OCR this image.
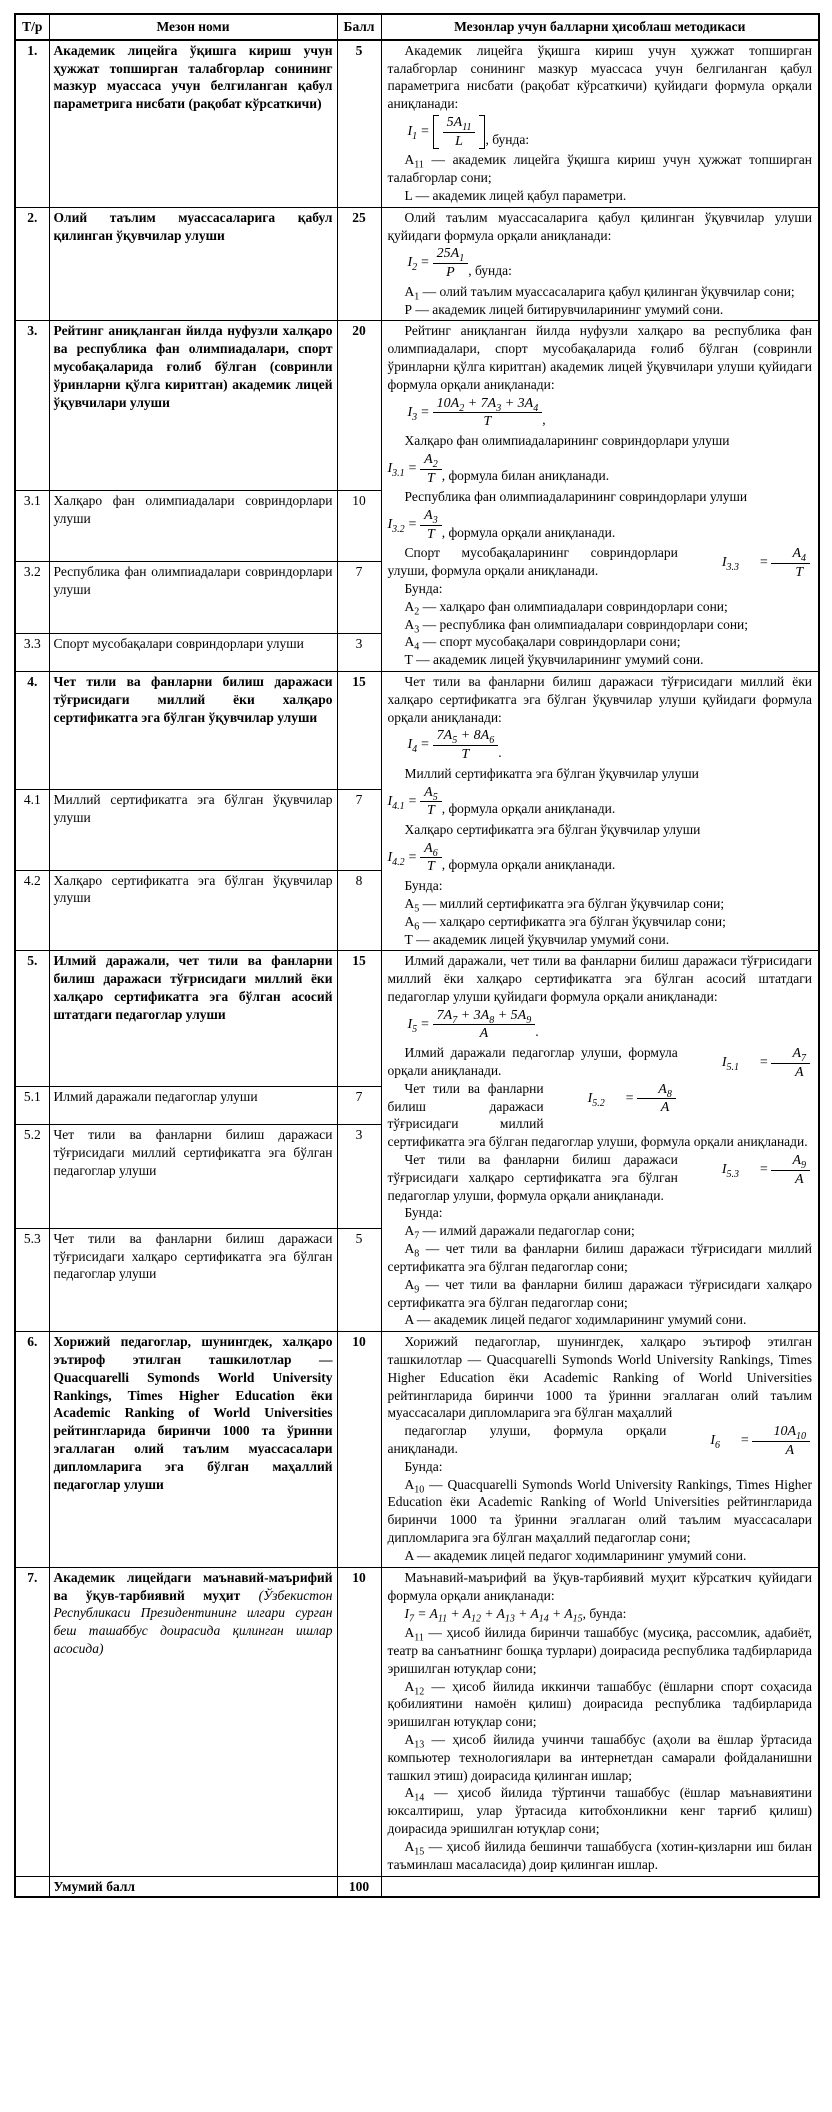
Т/р	Мезон номи	Балл	Мезонлар учун балларни ҳисоблаш методикаси
1.	Академик лицейга ўқишга кириш учун ҳужжат топширган талабгорлар сонининг мазкур муассаса учун белгиланган қабул параметрига нисбати (рақобат кўрсаткичи)	5	Академик лицейга ўқишга кириш учун ҳужжат топширган талабгорлар сонининг мазкур муассаса учун белгиланган қабул параметрига нисбати (рақобат кўрсаткичи) қуйидаги формула орқали аниқланади:
$I_1 = \frac{5A_{11}}{L}$ , бунда:
$A_{11}$ — академик лицейга ўқишга кириш учун ҳужжат топширган талабгорлар сони;
L — академик лицей қабул параметри.

2.	Олий таълим муассасаларига қабул қилинган ўқувчилар улуши	25	Олий таълим муассасаларига қабул қилинган ўқувчилар улуши қуйидаги формула орқали аниқланади:
$I_2 = \frac{25A_1}{P}$ , бунда:
$A_1$ — олий таълим муассасаларига қабул қилинган ўқувчилар сони;
Р — академик лицей битирувчиларининг умумий сони.

3.	Рейтинг аниқланган йилда нуфузли халқаро ва республика фан олимпиадалари, спорт мусобақаларида ғолиб бўлган (совринли ўринларни қўлга киритган) академик лицей ўқувчилари улуши	20	Рейтинг аниқланган йилда нуфузли халқаро ва республика фан олимпиадалари, спорт мусобақаларида ғолиб бўлган (совринли ўринларни қўлга киритган) академик лицей ўқувчилари улуши қуйидаги формула орқали аниқланади:
$I_3 = \frac{10A_2 + 7A_3 + 3A_4}{T}$ ,
Халқаро фан олимпиадаларининг совриндорлари улуши
$I_{3.1} = \frac{A_2}{T}$ , формула билан аниқланади.
Республика фан олимпиадаларининг совриндорлари улуши
$I_{3.2} = \frac{A_3}{T}$ , формула орқали аниқланади.
$I_{3.3} = \frac{A_4}{T}$
Спорт мусобақаларининг совриндорлари улуши, формула орқали аниқланади.
Бунда:
$A_2$ — халқаро фан олимпиадалари совриндорлари сони;
$A_3$ — республика фан олимпиадалари совриндорлари сони;
$A_4$ — спорт мусобақалари совриндорлари сони;
Т — академик лицей ўқувчиларининг умумий сони.

3.1	Халқаро фан олимпиадалари совриндорлари улуши	10	
3.2	Республика фан олимпиадалари совриндорлари улуши	7	
3.3	Спорт мусобақалари совриндорлари улуши	3	
4.	Чет тили ва фанларни билиш даражаси тўғрисидаги миллий ёки халқаро сертификатга эга бўлган ўқувчилар улуши	15	Чет тили ва фанларни билиш даражаси тўғрисидаги миллий ёки халқаро сертификатга эга бўлган ўқувчилар улуши қуйидаги формула орқали аниқланади:
$I_4 = \frac{7A_5 + 8A_6}{T}$ .
Миллий сертификатга эга бўлган ўқувчилар улуши
$I_{4.1} = \frac{A_5}{T}$ , формула орқали аниқланади.
Халқаро сертификатга эга бўлган ўқувчилар улуши
$I_{4.2} = \frac{A_6}{T}$ , формула орқали аниқланади.
Бунда:
$A_5$ — миллий сертификатга эга бўлган ўқувчилар сони;
$A_6$ — халқаро сертификатга эга бўлган ўқувчилар сони;
Т — академик лицей ўқувчилар умумий сони.

4.1	Миллий сертификатга эга бўлган ўқувчилар улуши	7	
4.2	Халқаро сертификатга эга бўлган ўқувчилар улуши	8	
5.	Илмий даражали, чет тили ва фанларни билиш даражаси тўғрисидаги миллий ёки халқаро сертификатга эга бўлган асосий штатдаги педагоглар улуши	15	Илмий даражали, чет тили ва фанларни билиш даражаси тўғрисидаги миллий ёки халқаро сертификатга эга бўлган асосий штатдаги педагоглар улуши қуйидаги формула орқали аниқланади:
$I_5 = \frac{7A_7 + 3A_8 + 5A_9}{A}$ .
$I_{5.1} = \frac{A_7}{A}$
Илмий даражали педагоглар улуши, формула орқали аниқланади.
$I_{5.2} = \frac{A_8}{A}$
Чет тили ва фанларни билиш даражаси тўғрисидаги миллий сертификатга эга бўлган педагоглар улуши, формула орқали аниқланади.
$I_{5.3} = \frac{A_9}{A}$
Чет тили ва фанларни билиш даражаси тўғрисидаги халқаро сертификатга эга бўлган педагоглар улуши, формула орқали аниқланади.
Бунда:
$A_7$ — илмий даражали педагоглар сони;
$A_8$ — чет тили ва фанларни билиш даражаси тўғрисидаги миллий сертификатга эга бўлган педагоглар сони;
$A_9$ — чет тили ва фанларни билиш даражаси тўғрисидаги халқаро сертификатга эга бўлган педагоглар сони;
A — академик лицей педагог ходимларининг умумий сони.

5.1	Илмий даражали педагоглар улуши	7	
5.2	Чет тили ва фанларни билиш даражаси тўғрисидаги миллий сертификатга эга бўлган педагоглар улуши	3	
5.3	Чет тили ва фанларни билиш даражаси тўғрисидаги халқаро сертификатга эга бўлган педагоглар улуши	5	
6.	Хорижий педагоглар, шунингдек, халқаро эътироф этилган ташкилотлар — Quacquarelli Symonds World University Rankings, Times Higher Education ёки Academic Ranking of World Universities рейтингларида биринчи 1000 та ўринни эгаллаган олий таълим муассасалари дипломларига эга бўлган маҳаллий педагоглар улуши	10	Хорижий педагоглар, шунингдек, халқаро эътироф этилган ташкилотлар — Quacquarelli Symonds World University Rankings, Times Higher Education ёки Academic Ranking of World Universities рейтингларида биринчи 1000 та ўринни эгаллаган олий таълим муассасалари дипломларига эга бўлган маҳаллий
$I_6 = \frac{10A_{10}}{A}$
педагоглар улуши, формула орқали аниқланади.
Бунда:
$A_{10}$ — Quacquarelli Symonds World University Rankings, Times Higher Education ёки Academic Ranking of World Universities рейтингларида биринчи 1000 та ўринни эгаллаган олий таълим муассасалари дипломларига эга бўлган маҳаллий педагоглар сони;
A — академик лицей педагог ходимларининг умумий сони.

7.	Академик лицейдаги маънавий-маърифий ва ўқув-тарбиявий муҳит (Ўзбекистон Республикаси Президентининг илгари сурган беш ташаббус доирасида қилинган ишлар асосида)	10	Маънавий-маърифий ва ўқув-тарбиявий муҳит кўрсаткич қуйидаги формула орқали аниқланади:
$I_7 = A_{11} + A_{12} + A_{13} + A_{14} + A_{15}$, бунда:
$A_{11}$ — ҳисоб йилида биринчи ташаббус (мусиқа, рассомлик, адабиёт, театр ва санъатнинг бошқа турлари) доирасида республика тадбирларида эришилган ютуқлар сони;
$A_{12}$ — ҳисоб йилида иккинчи ташаббус (ёшларни спорт соҳасида қобилиятини намоён қилиш) доирасида республика тадбирларида эришилган ютуқлар сони;
$A_{13}$ — ҳисоб йилида учинчи ташаббус (аҳоли ва ёшлар ўртасида компьютер технологиялари ва интернетдан самарали фойдаланишни ташкил этиш) доирасида қилинган ишлар;
$A_{14}$ — ҳисоб йилида тўртинчи ташаббус (ёшлар маънавиятини юксалтириш, улар ўртасида китобхонликни кенг тарғиб қилиш) доирасида эришилган ютуқлар сони;
$A_{15}$ — ҳисоб йилида бешинчи ташаббусга (хотин-қизларни иш билан таъминлаш масаласида) доир қилинган ишлар.

	Умумий балл	100	
